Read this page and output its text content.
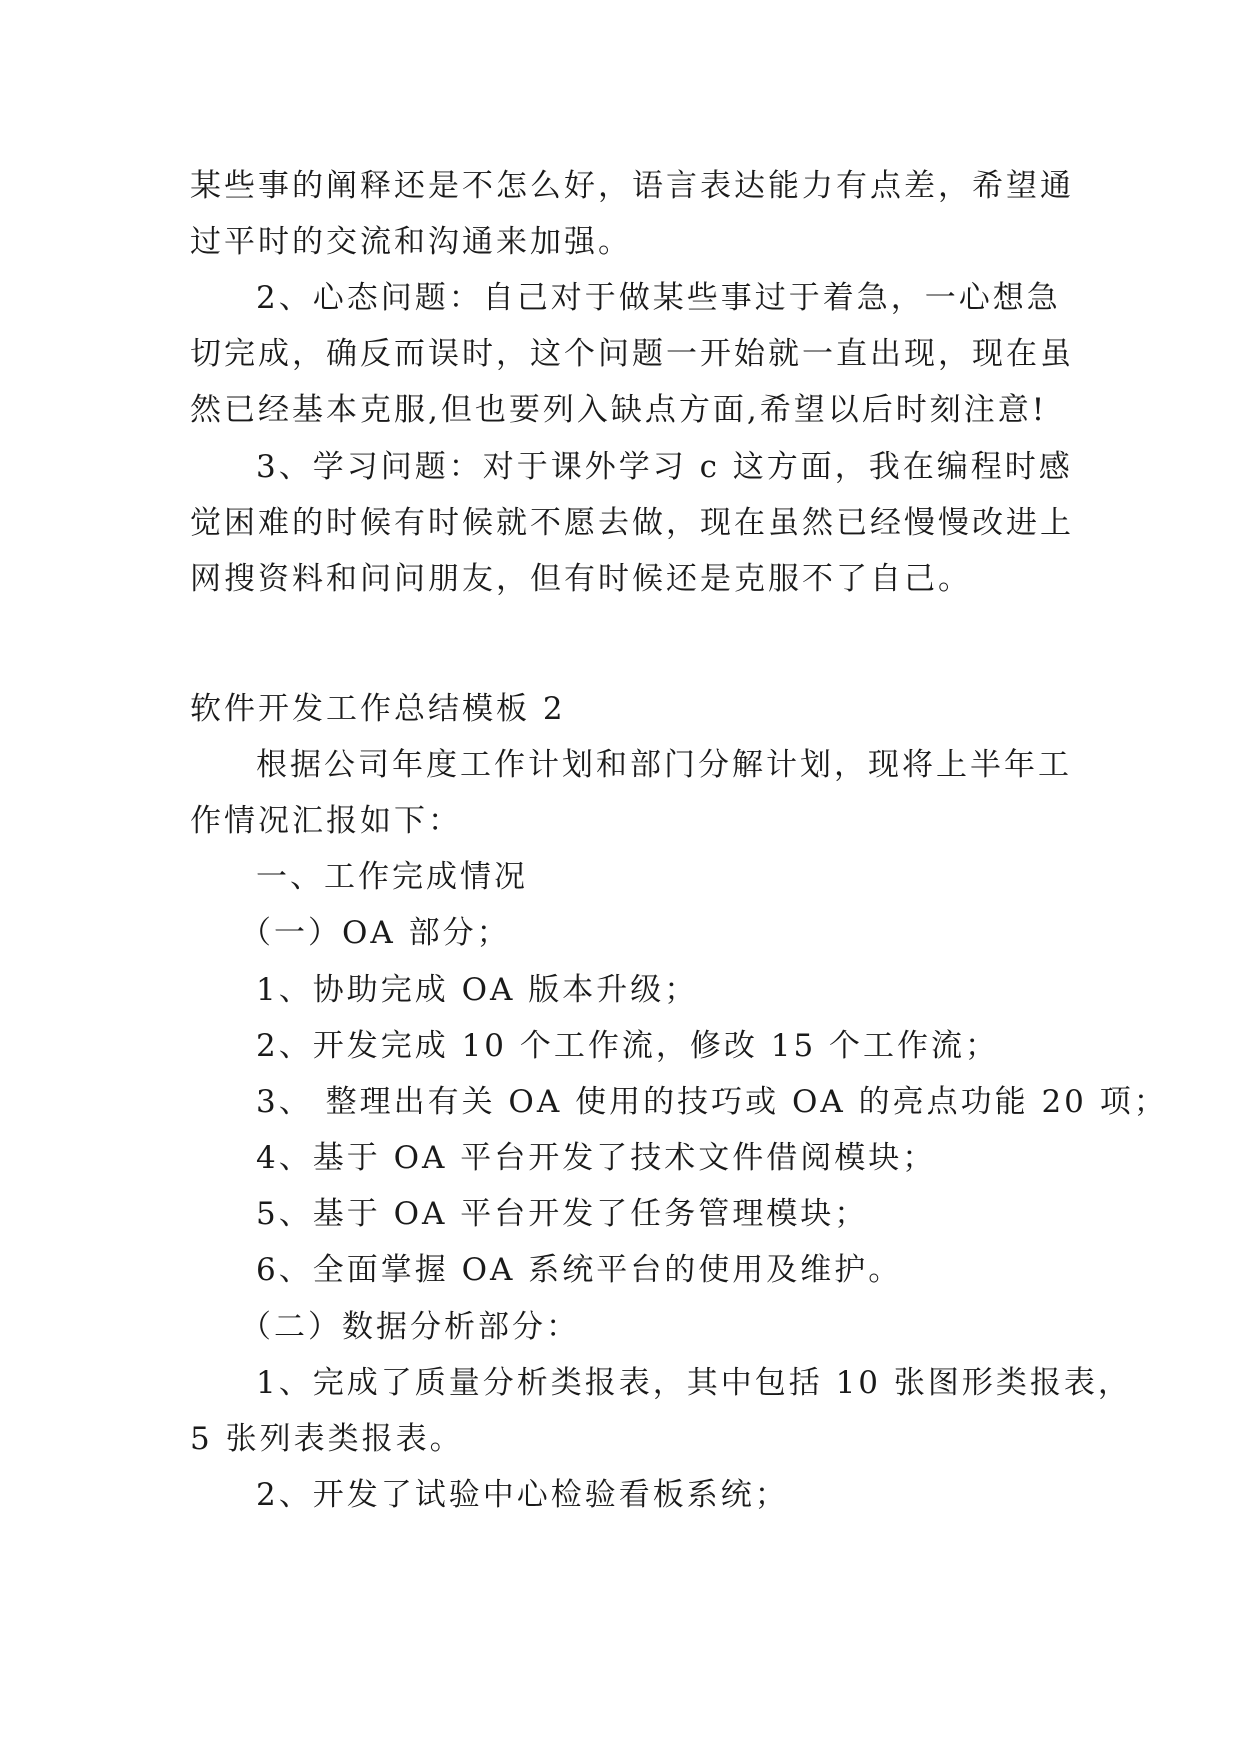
某些事的阐释还是不怎么好，语言表达能力有点差，希望通
过平时的交流和沟通来加强。
2、心态问题：自己对于做某些事过于着急，一心想急
切完成，确反而误时，这个问题一开始就一直出现，现在虽
然已经基本克服,但也要列入缺点方面,希望以后时刻注意!
3、学习问题：对于课外学习 c 这方面，我在编程时感
觉困难的时候有时候就不愿去做，现在虽然已经慢慢改进上
网搜资料和问问朋友，但有时候还是克服不了自己。
软件开发工作总结模板 2
根据公司年度工作计划和部门分解计划，现将上半年工
作情况汇报如下：
一、工作完成情况
（一）OA 部分；
1、协助完成 OA 版本升级；
2、开发完成 10 个工作流，修改 15 个工作流；
3、 整理出有关 OA 使用的技巧或 OA 的亮点功能 20 项；
4、基于 OA 平台开发了技术文件借阅模块；
5、基于 OA 平台开发了任务管理模块；
6、全面掌握 OA 系统平台的使用及维护。
（二）数据分析部分：
1、完成了质量分析类报表，其中包括 10 张图形类报表，
5 张列表类报表。
2、开发了试验中心检验看板系统；
